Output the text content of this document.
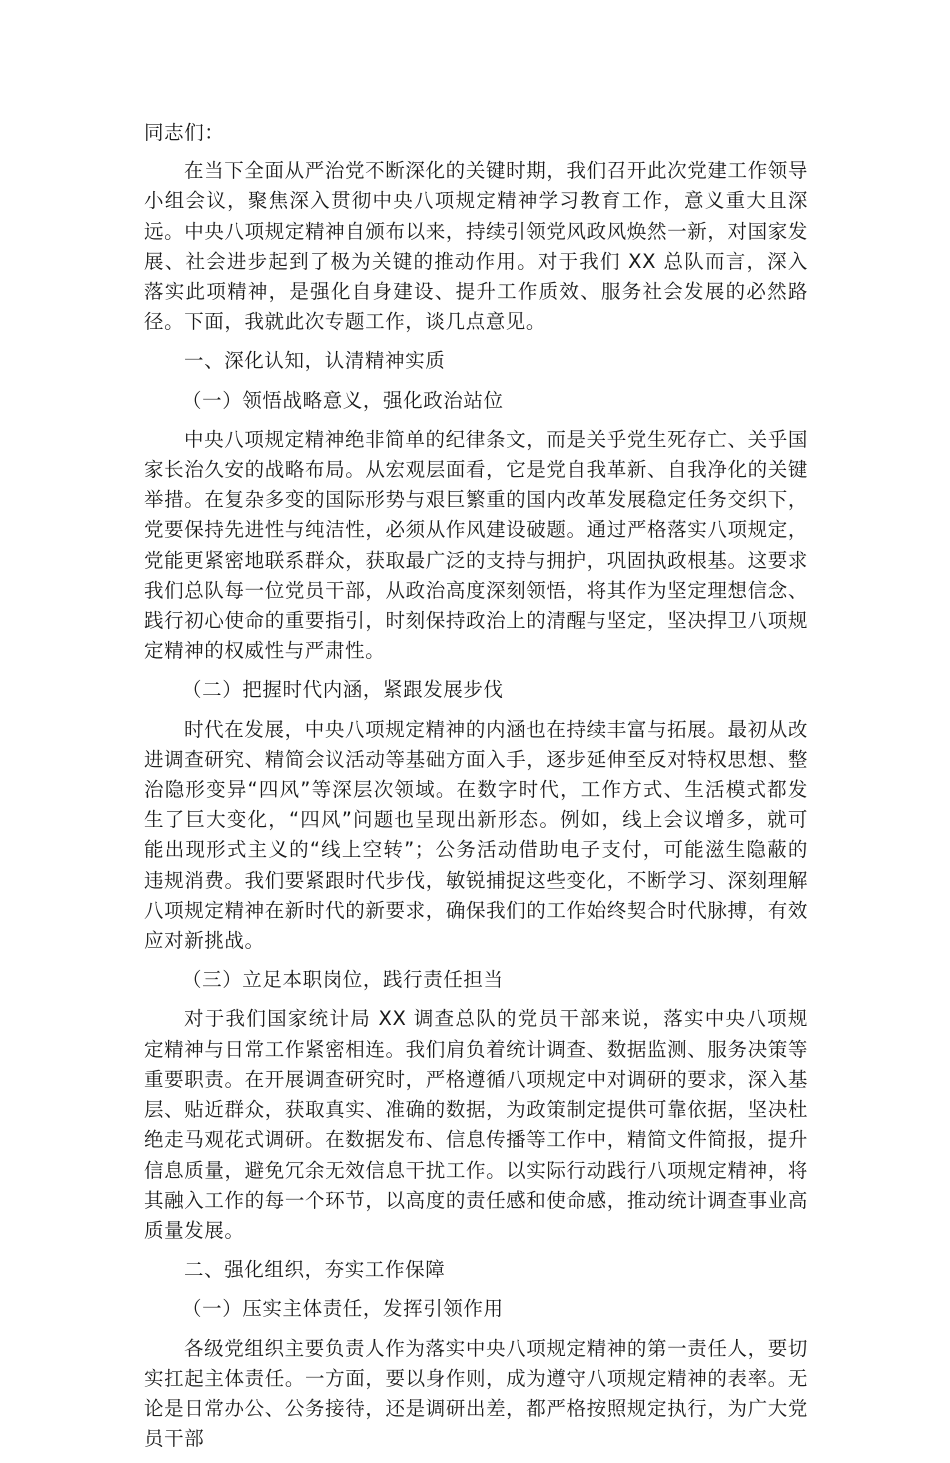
同志们：

在当下全面从严治党不断深化的关键时期，我们召开此次党建工作领导小组会议，聚焦深入贯彻中央八项规定精神学习教育工作，意义重大且深远。中央八项规定精神自颁布以来，持续引领党风政风焕然一新，对国家发展、社会进步起到了极为关键的推动作用。对于我们 XX 总队而言，深入落实此项精神，是强化自身建设、提升工作质效、服务社会发展的必然路径。下面，我就此次专题工作，谈几点意见。

一、深化认知，认清精神实质

（一）领悟战略意义，强化政治站位

中央八项规定精神绝非简单的纪律条文，而是关乎党生死存亡、关乎国家长治久安的战略布局。从宏观层面看，它是党自我革新、自我净化的关键举措。在复杂多变的国际形势与艰巨繁重的国内改革发展稳定任务交织下，党要保持先进性与纯洁性，必须从作风建设破题。通过严格落实八项规定，党能更紧密地联系群众，获取最广泛的支持与拥护，巩固执政根基。这要求我们总队每一位党员干部，从政治高度深刻领悟，将其作为坚定理想信念、践行初心使命的重要指引，时刻保持政治上的清醒与坚定，坚决捍卫八项规定精神的权威性与严肃性。

（二）把握时代内涵，紧跟发展步伐

时代在发展，中央八项规定精神的内涵也在持续丰富与拓展。最初从改进调查研究、精简会议活动等基础方面入手，逐步延伸至反对特权思想、整治隐形变异“四风”等深层次领域。在数字时代，工作方式、生活模式都发生了巨大变化，“四风”问题也呈现出新形态。例如，线上会议增多，就可能出现形式主义的“线上空转”；公务活动借助电子支付，可能滋生隐蔽的违规消费。我们要紧跟时代步伐，敏锐捕捉这些变化，不断学习、深刻理解八项规定精神在新时代的新要求，确保我们的工作始终契合时代脉搏，有效应对新挑战。

（三）立足本职岗位，践行责任担当

对于我们国家统计局 XX 调查总队的党员干部来说，落实中央八项规定精神与日常工作紧密相连。我们肩负着统计调查、数据监测、服务决策等重要职责。在开展调查研究时，严格遵循八项规定中对调研的要求，深入基层、贴近群众，获取真实、准确的数据，为政策制定提供可靠依据，坚决杜绝走马观花式调研。在数据发布、信息传播等工作中，精简文件简报，提升信息质量，避免冗余无效信息干扰工作。以实际行动践行八项规定精神，将其融入工作的每一个环节，以高度的责任感和使命感，推动统计调查事业高质量发展。

二、强化组织，夯实工作保障

（一）压实主体责任，发挥引领作用

各级党组织主要负责人作为落实中央八项规定精神的第一责任人，要切实扛起主体责任。一方面，要以身作则，成为遵守八项规定精神的表率。无论是日常办公、公务接待，还是调研出差，都严格按照规定执行，为广大党员干部
